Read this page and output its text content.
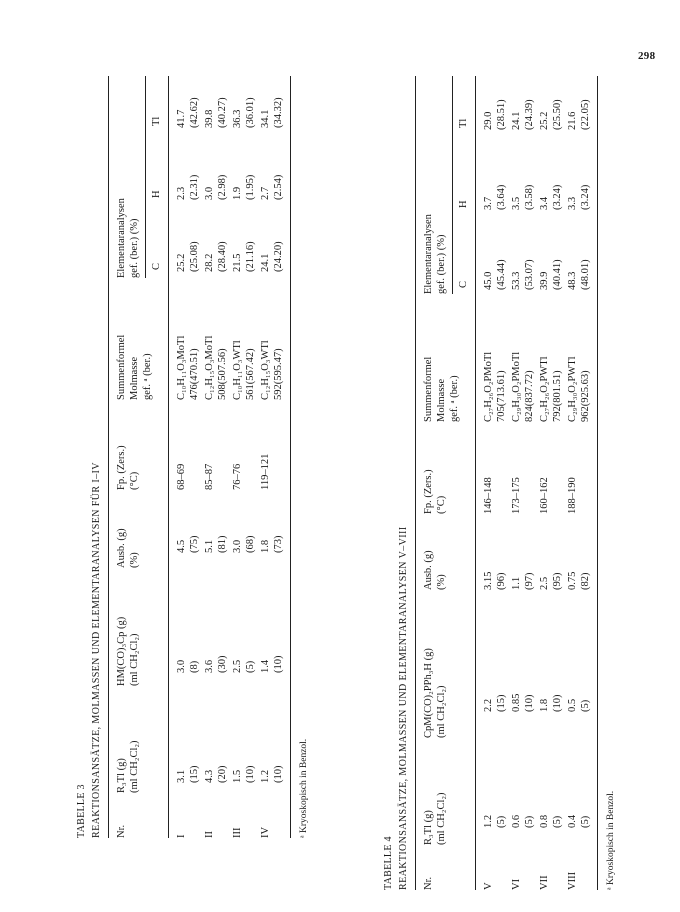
298
TABELLE 3 REAKTIONSANSÄTZE, MOLMASSEN UND ELEMENTARANALYSEN FÜR I–IV Nr.
R₃Tl (g) (ml CH₂Cl₂)
HM(CO)₃Cp (g) (ml CH₂Cl₂)
Ausb. (g) (%)
Fp. (Zers.) (°C)
Summenformel Molmasse gef. ᵃ (ber.)
Elementaranalysen gef. (ber.) (%) C
H
Tl
I
3.1 (15)
3.0 (8)
4.5 (75)
68–69
C₁₀H₁₁O₃MoTl 476(470.51)
25.2 (25.08)
2.3 (2.31)
41.7 (42.62)
II
4.3 (20)
3.6 (30)
5.1 (81)
85–87
C₁₂H₁₅O₃MoTl 508(507.56)
28.2 (28.40)
3.0 (2.98)
39.8 (40.27)
III
1.5 (10)
2.5 (5)
3.0 (68)
76–76
C₁₀H₁₁O₃WTl 561(567.42)
21.5 (21.16)
1.9 (1.95)
36.3 (36.01)
IV
1.2 (10)
1.4 (10)
1.8 (73)
119–121
C₁₂H₁₅O₃WTl 592(595.47)
24.1 (24.20)
2.7 (2.54)
34.1 (34.32)
ᵃ Kryoskopisch in Benzol.
TABELLE 4 REAKTIONSANSÄTZE, MOLMASSEN UND ELEMENTARANALYSEN V–VIII Nr.
R₃Tl (g) (ml CH₂Cl₂)
CpM(CO)₂PPh₃H (g) (ml CH₂Cl₂)
Ausb. (g) (%)
Fp. (Zers.) (°C)
Summenformel Molmasse gef. ᵃ (ber.)
Elementaranalysen gef. (ber.) (%) C
H
Tl
V
1.2 (5)
2.2 (15)
3.15 (96)
146–148
C₂₇H₂₆O₂PMoTl 705(713.61)
45.0 (45.44)
3.7 (3.64)
29.0 (28.51)
VI
0.6 (5)
0.85 (10)
1.1 (97)
173–175
C₂₉H₃₀O₂PMoTl 824(837.72)
53.3 (53.07)
3.5 (3.58)
24.1 (24.39)
VII
0.8 (5)
1.8 (10)
2.5 (95)
160–162
C₂₇H₂₆O₂PWTl 792(801.51)
39.9 (40.41)
3.4 (3.24)
25.2 (25.50)
VIII
0.4 (5)
0.5 (5)
0.75 (82)
188–190
C₂₉H₃₀O₂PWTl 962(925.63)
48.3 (48.01)
3.3 (3.24)
21.6 (22.05)
ᵃ Kryoskopisch in Benzol.
